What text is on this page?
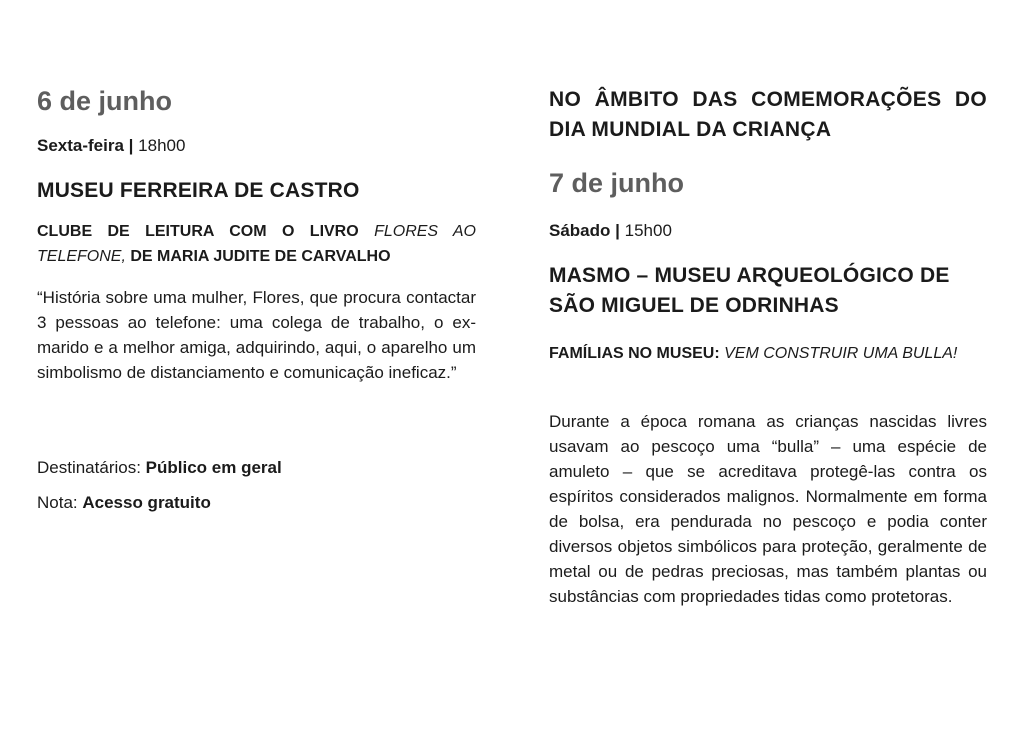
6 de junho
Sexta-feira | 18h00
MUSEU FERREIRA DE CASTRO
CLUBE DE LEITURA COM O LIVRO FLORES AO TELEFONE, DE MARIA JUDITE DE CARVALHO
“História sobre uma mulher, Flores, que procura contactar 3 pessoas ao telefone: uma colega de trabalho, o ex-marido e a melhor amiga, adquirindo, aqui, o aparelho um simbolismo de distanciamento e comunicação ineficaz.”
Destinatários: Público em geral
Nota: Acesso gratuito
NO ÂMBITO DAS COMEMORAÇÕES DO DIA MUNDIAL DA CRIANÇA
7 de junho
Sábado | 15h00
MASMO – MUSEU ARQUEOLÓGICO DE SÃO MIGUEL DE ODRINHAS
FAMÍLIAS NO MUSEU: VEM CONSTRUIR UMA BULLA!
Durante a época romana as crianças nascidas livres usavam ao pescoço uma “bulla” – uma espécie de amuleto – que se acreditava protegê-las contra os espíritos considerados malignos. Normalmente em forma de bolsa, era pendurada no pescoço e podia conter diversos objetos simbólicos para proteção, geralmente de metal ou de pedras preciosas, mas também plantas ou substâncias com propriedades tidas como protetoras.
